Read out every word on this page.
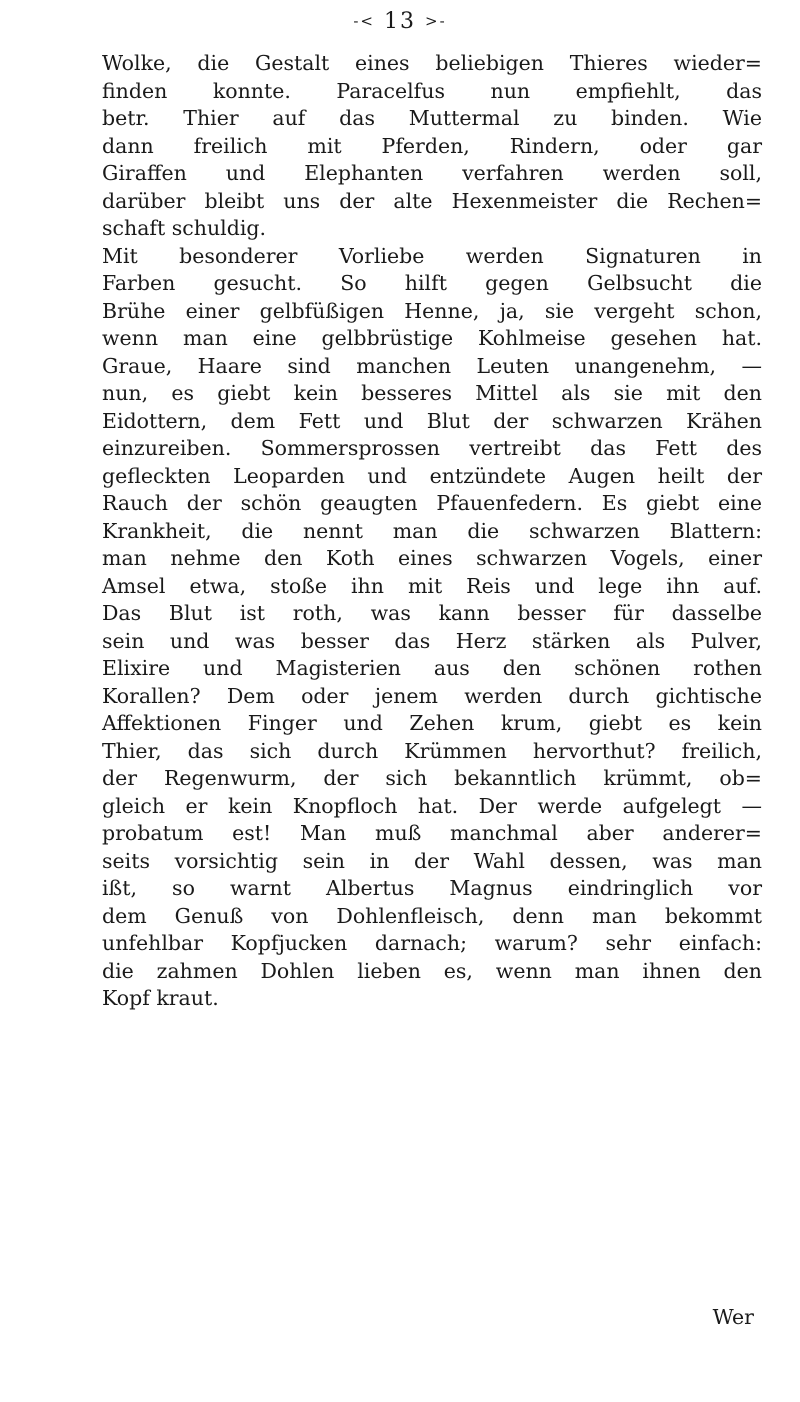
-< 13 >-
Wolke, die Gestalt eines beliebigen Thieres wieder=
finden konnte. Paracelfus nun empfiehlt, das
betr. Thier auf das Muttermal zu binden. Wie
dann freilich mit Pferden, Rindern, oder gar
Giraffen und Elephanten verfahren werden soll,
darüber bleibt uns der alte Hexenmeister die Rechen=
schaft schuldig.
Mit besonderer Vorliebe werden Signaturen in
Farben gesucht. So hilft gegen Gelbsucht die
Brühe einer gelbfüßigen Henne, ja, sie vergeht schon,
wenn man eine gelbbrüstige Kohlmeise gesehen hat.
Graue, Haare sind manchen Leuten unangenehm, —
nun, es giebt kein besseres Mittel als sie mit den
Eidottern, dem Fett und Blut der schwarzen Krähen
einzureiben. Sommersprossen vertreibt das Fett des
gefleckten Leoparden und entzündete Augen heilt der
Rauch der schön geaugten Pfauenfedern. Es giebt eine
Krankheit, die nennt man die schwarzen Blattern:
man nehme den Koth eines schwarzen Vogels, einer
Amsel etwa, stoße ihn mit Reis und lege ihn auf.
Das Blut ist roth, was kann besser für dasselbe
sein und was besser das Herz stärken als Pulver,
Elixire und Magisterien aus den schönen rothen
Korallen? Dem oder jenem werden durch gichtische
Affektionen Finger und Zehen krum, giebt es kein
Thier, das sich durch Krümmen hervorthut? freilich,
der Regenwurm, der sich bekanntlich krümmt, ob=
gleich er kein Knopfloch hat. Der werde aufgelegt —
probatum est! Man muß manchmal aber anderer=
seits vorsichtig sein in der Wahl dessen, was man
ißt, so warnt Albertus Magnus eindringlich vor
dem Genuß von Dohlenfleisch, denn man bekommt
unfehlbar Kopfjucken darnach; warum? sehr einfach:
die zahmen Dohlen lieben es, wenn man ihnen den
Kopf kraut.
Wer
